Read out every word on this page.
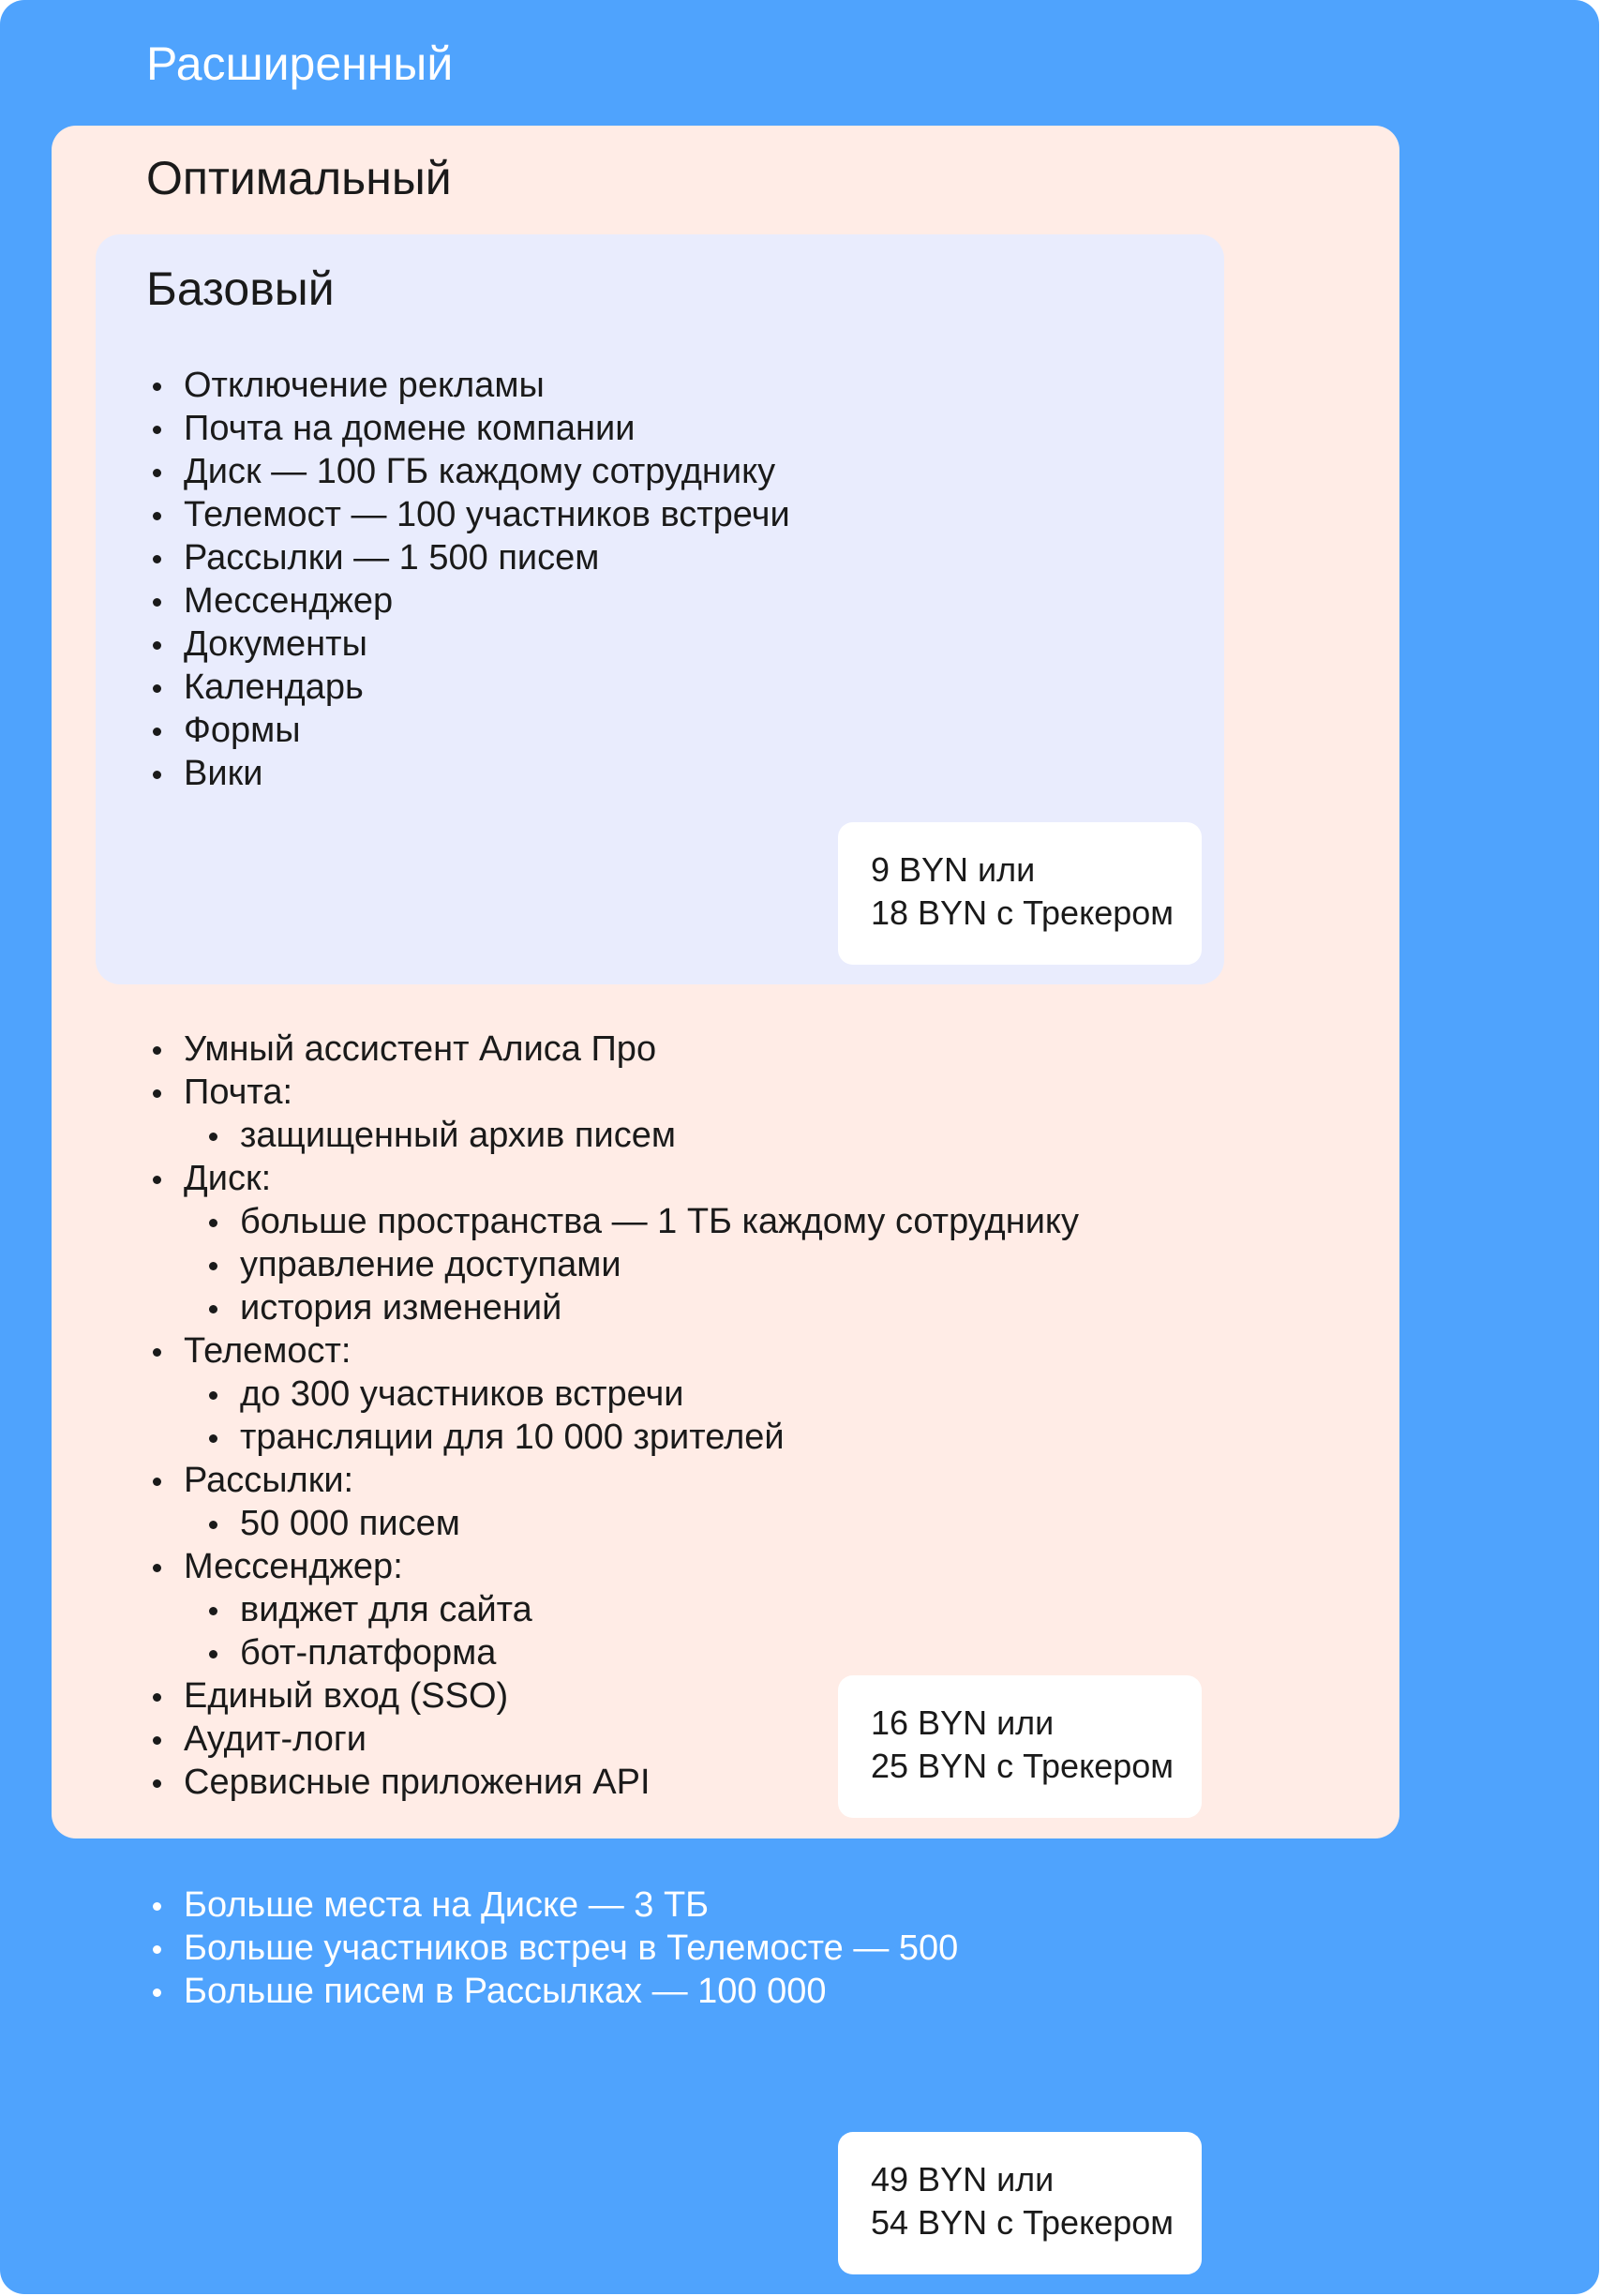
Расширенный
Оптимальный
Базовый
Отключение рекламы
Почта на домене компании
Диск — 100 ГБ каждому сотруднику
Телемост — 100 участников встречи
Рассылки — 1 500 писем
Мессенджер
Документы
Календарь
Формы
Вики
9 BYN или
18 BYN с Трекером
Умный ассистент Алиса Про
Почта:
защищенный архив писем
Диск:
больше пространства — 1 ТБ каждому сотруднику
управление доступами
история изменений
Телемост:
до 300 участников встречи
трансляции для 10 000 зрителей
Рассылки:
50 000 писем
Мессенджер:
виджет для сайта
бот-платформа
Единый вход (SSO)
Аудит-логи
Сервисные приложения API
16 BYN или
25 BYN с Трекером
Больше места на Диске — 3 ТБ
Больше участников встреч в Телемосте — 500
Больше писем в Рассылках — 100 000
49 BYN или
54 BYN с Трекером
